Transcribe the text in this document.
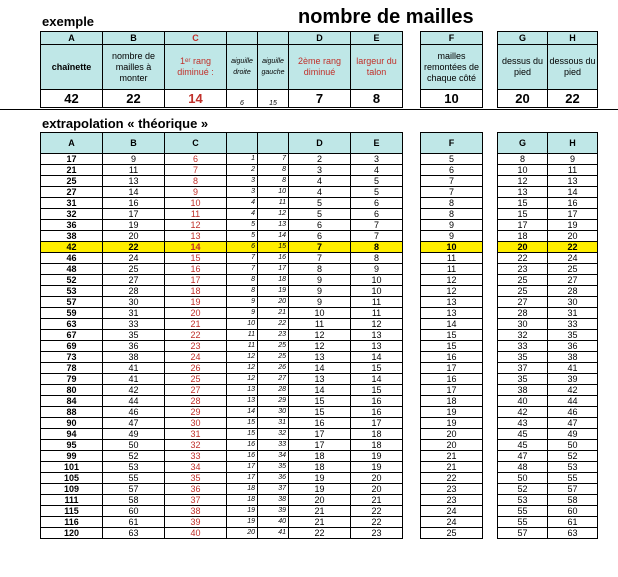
exemple	nombre de mailles
A	B	C			D	E		F		G	H
chaînette	nombre de mailles à monter	1ᵉʳ rang diminué :	aiguille droite	aiguille gauche	2ème rang diminué	largeur du talon		mailles remontées de chaque côté		dessus du pied	dessous du pied
42	22	14	6	15	7	8		10		20	22
extrapolation « théorique »
A	B	C			D	E		F		G	H
17	9	6	1	7	2	3		5		8	9
21	11	7	2	8	3	4		6		10	11
25	13	8	3	8	4	5		7		12	13
27	14	9	3	10	4	5		7		13	14
31	16	10	4	11	5	6		8		15	16
32	17	11	4	12	5	6		8		15	17
36	19	12	5	13	6	7		9		17	19
38	20	13	5	14	6	7		9		18	20
42	22	14	6	15	7	8		10		20	22
46	24	15	7	16	7	8		11		22	24
48	25	16	7	17	8	9		11		23	25
52	27	17	8	18	9	10		12		25	27
53	28	18	8	19	9	10		12		25	28
57	30	19	9	20	9	11		13		27	30
59	31	20	9	21	10	11		13		28	31
63	33	21	10	22	11	12		14		30	33
67	35	22	11	23	12	13		15		32	35
69	36	23	11	25	12	13		15		33	36
73	38	24	12	25	13	14		16		35	38
78	41	26	12	26	14	15		17		37	41
79	41	25	12	27	13	14		16		35	39
80	42	27	13	28	14	15		17		38	42
84	44	28	13	29	15	16		18		40	44
88	46	29	14	30	15	16		19		42	46
90	47	30	15	31	16	17		19		43	47
94	49	31	15	32	17	18		20		45	49
95	50	32	16	33	17	18		20		45	50
99	52	33	16	34	18	19		21		47	52
101	53	34	17	35	18	19		21		48	53
105	55	35	17	36	19	20		22		50	55
109	57	36	18	37	19	20		23		52	57
111	58	37	18	38	20	21		23		53	58
115	60	38	19	39	21	22		24		55	60
116	61	39	19	40	21	22		24		55	61
120	63	40	20	41	22	23		25		57	63
